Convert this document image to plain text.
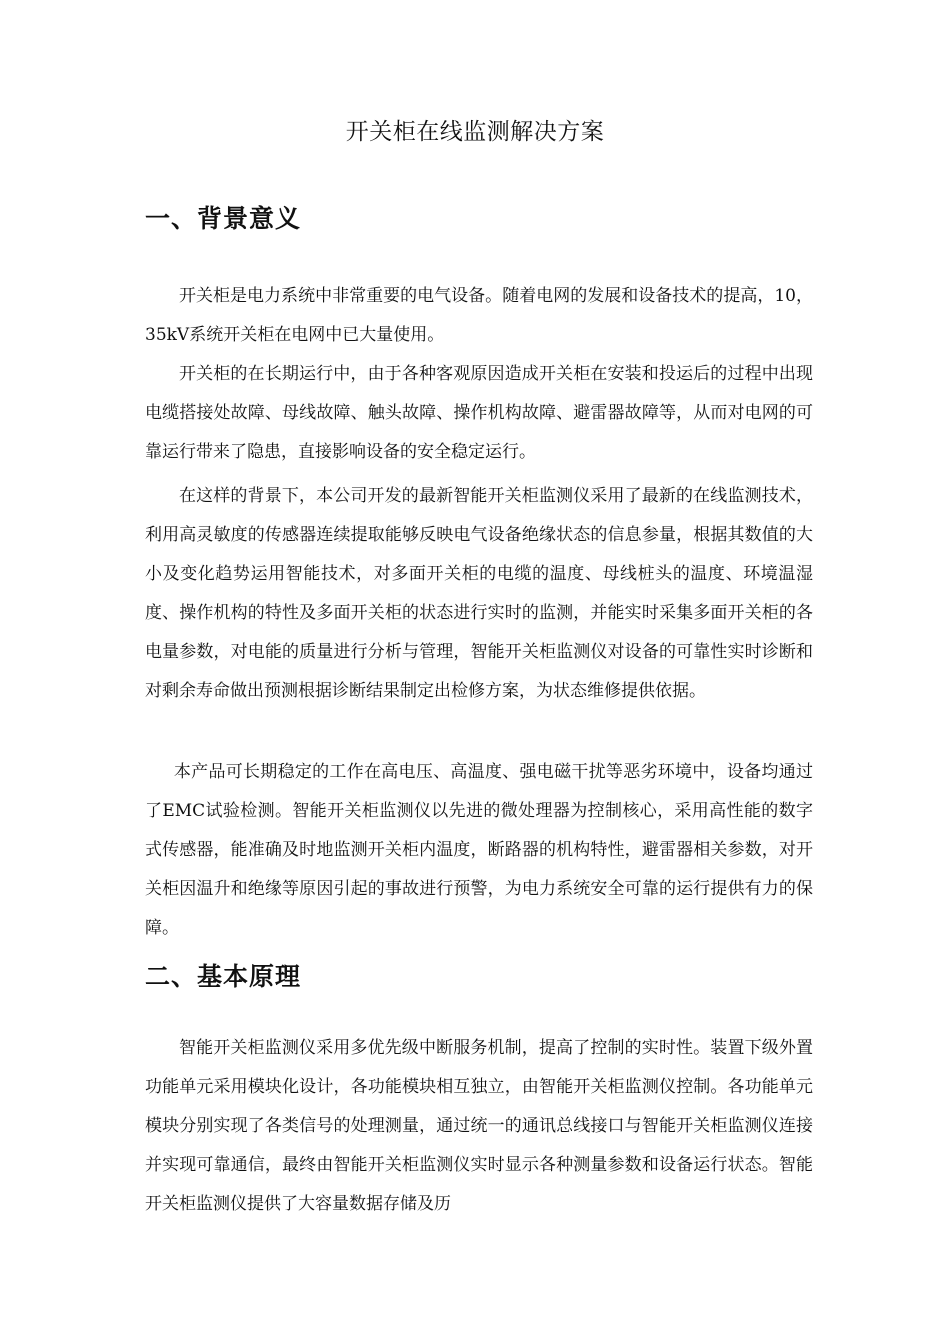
开关柜在线监测解决方案
一、背景意义

开关柜是电力系统中非常重要的电气设备。随着电网的发展和设备技术的提高，10，35kV系统开关柜在电网中已大量使用。

开关柜的在长期运行中，由于各种客观原因造成开关柜在安装和投运后的过程中出现电缆搭接处故障、母线故障、触头故障、操作机构故障、避雷器故障等，从而对电网的可靠运行带来了隐患，直接影响设备的安全稳定运行。

在这样的背景下，本公司开发的最新智能开关柜监测仪采用了最新的在线监测技术，利用高灵敏度的传感器连续提取能够反映电气设备绝缘状态的信息参量，根据其数值的大小及变化趋势运用智能技术，对多面开关柜的电缆的温度、母线桩头的温度、环境温湿度、操作机构的特性及多面开关柜的状态进行实时的监测，并能实时采集多面开关柜的各电量参数，对电能的质量进行分析与管理，智能开关柜监测仪对设备的可靠性实时诊断和对剩余寿命做出预测根据诊断结果制定出检修方案，为状态维修提供依据。

本产品可长期稳定的工作在高电压、高温度、强电磁干扰等恶劣环境中，设备均通过了EMC试验检测。智能开关柜监测仪以先进的微处理器为控制核心，采用高性能的数字式传感器，能准确及时地监测开关柜内温度，断路器的机构特性，避雷器相关参数，对开关柜因温升和绝缘等原因引起的事故进行预警，为电力系统安全可靠的运行提供有力的保障。

二、基本原理

智能开关柜监测仪采用多优先级中断服务机制，提高了控制的实时性。装置下级外置功能单元采用模块化设计，各功能模块相互独立，由智能开关柜监测仪控制。各功能单元模块分别实现了各类信号的处理测量，通过统一的通讯总线接口与智能开关柜监测仪连接并实现可靠通信，最终由智能开关柜监测仪实时显示各种测量参数和设备运行状态。智能开关柜监测仪提供了大容量数据存储及历
